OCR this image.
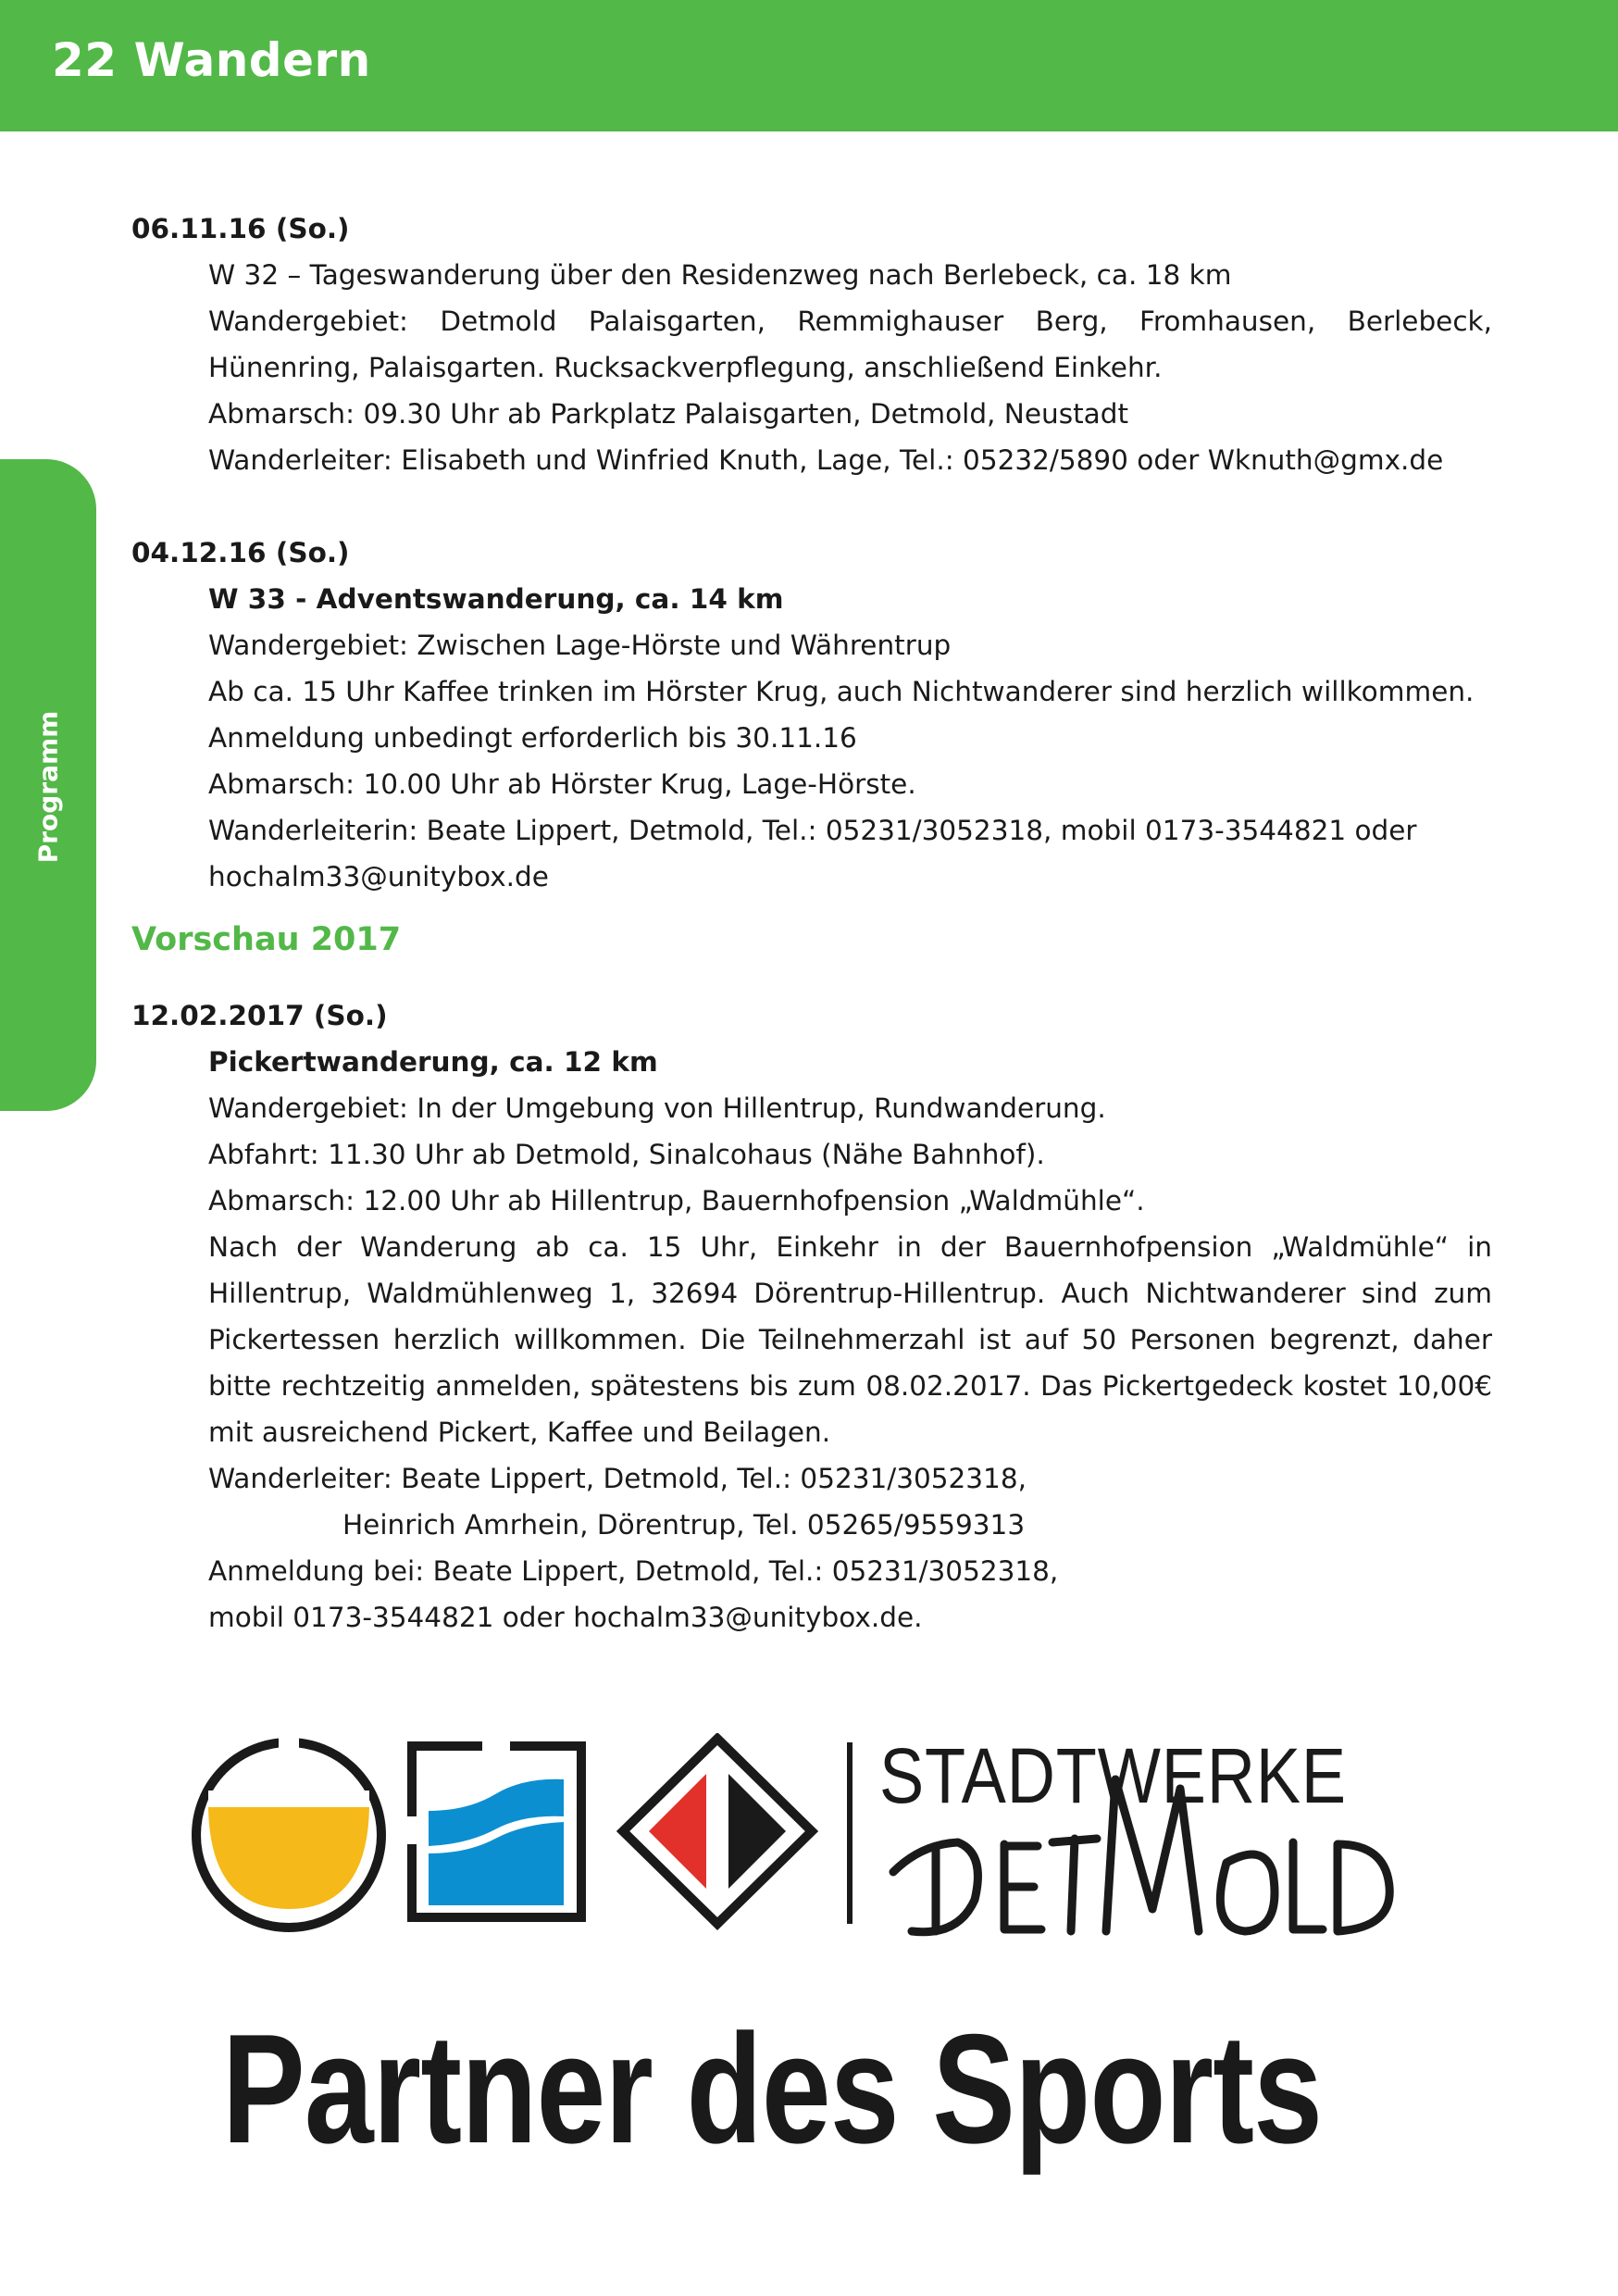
22 Wandern
Programm
06.11.16 (So.)
W 32 – Tageswanderung über den Residenzweg nach Berlebeck, ca. 18 km
Wandergebiet: Detmold Palaisgarten, Remmighauser Berg, Fromhausen, Berlebeck, Hünenring, Palaisgarten. Rucksackverpflegung, anschließend Einkehr.
Abmarsch: 09.30 Uhr ab Parkplatz Palaisgarten, Detmold, Neustadt
Wanderleiter: Elisabeth und Winfried Knuth, Lage, Tel.: 05232/5890 oder Wknuth@gmx.de
04.12.16 (So.)
W 33 - Adventswanderung, ca. 14 km
Wandergebiet: Zwischen Lage-Hörste und Währentrup
Ab ca. 15 Uhr Kaffee trinken im Hörster Krug, auch Nichtwanderer sind herzlich willkommen.
Anmeldung unbedingt erforderlich bis 30.11.16
Abmarsch: 10.00 Uhr ab Hörster Krug, Lage-Hörste.
Wanderleiterin: Beate Lippert, Detmold, Tel.: 05231/3052318, mobil 0173-3544821 oder
hochalm33@unitybox.de
Vorschau 2017
12.02.2017 (So.)
Pickertwanderung, ca. 12 km
Wandergebiet: In der Umgebung von Hillentrup, Rundwanderung.
Abfahrt: 11.30 Uhr ab Detmold, Sinalcohaus (Nähe Bahnhof).
Abmarsch: 12.00 Uhr ab Hillentrup, Bauernhofpension „Waldmühle“.
Nach der Wanderung ab ca. 15 Uhr, Einkehr in der Bauernhofpension „Waldmühle“ in Hillentrup, Waldmühlenweg 1, 32694 Dörentrup-Hillentrup. Auch Nichtwanderer sind zum Pickertessen herzlich willkommen. Die Teilnehmerzahl ist auf 50 Personen begrenzt, daher bitte rechtzeitig anmelden, spätestens bis zum 08.02.2017. Das Pickertgedeck kostet 10,00€ mit ausreichend Pickert, Kaffee und Beilagen.
Wanderleiter: Beate Lippert, Detmold, Tel.: 05231/3052318,
Heinrich Amrhein, Dörentrup, Tel. 05265/9559313
Anmeldung bei: Beate Lippert, Detmold, Tel.: 05231/3052318,
mobil 0173-3544821 oder hochalm33@unitybox.de.
STADTWERKE
Partner des Sports
